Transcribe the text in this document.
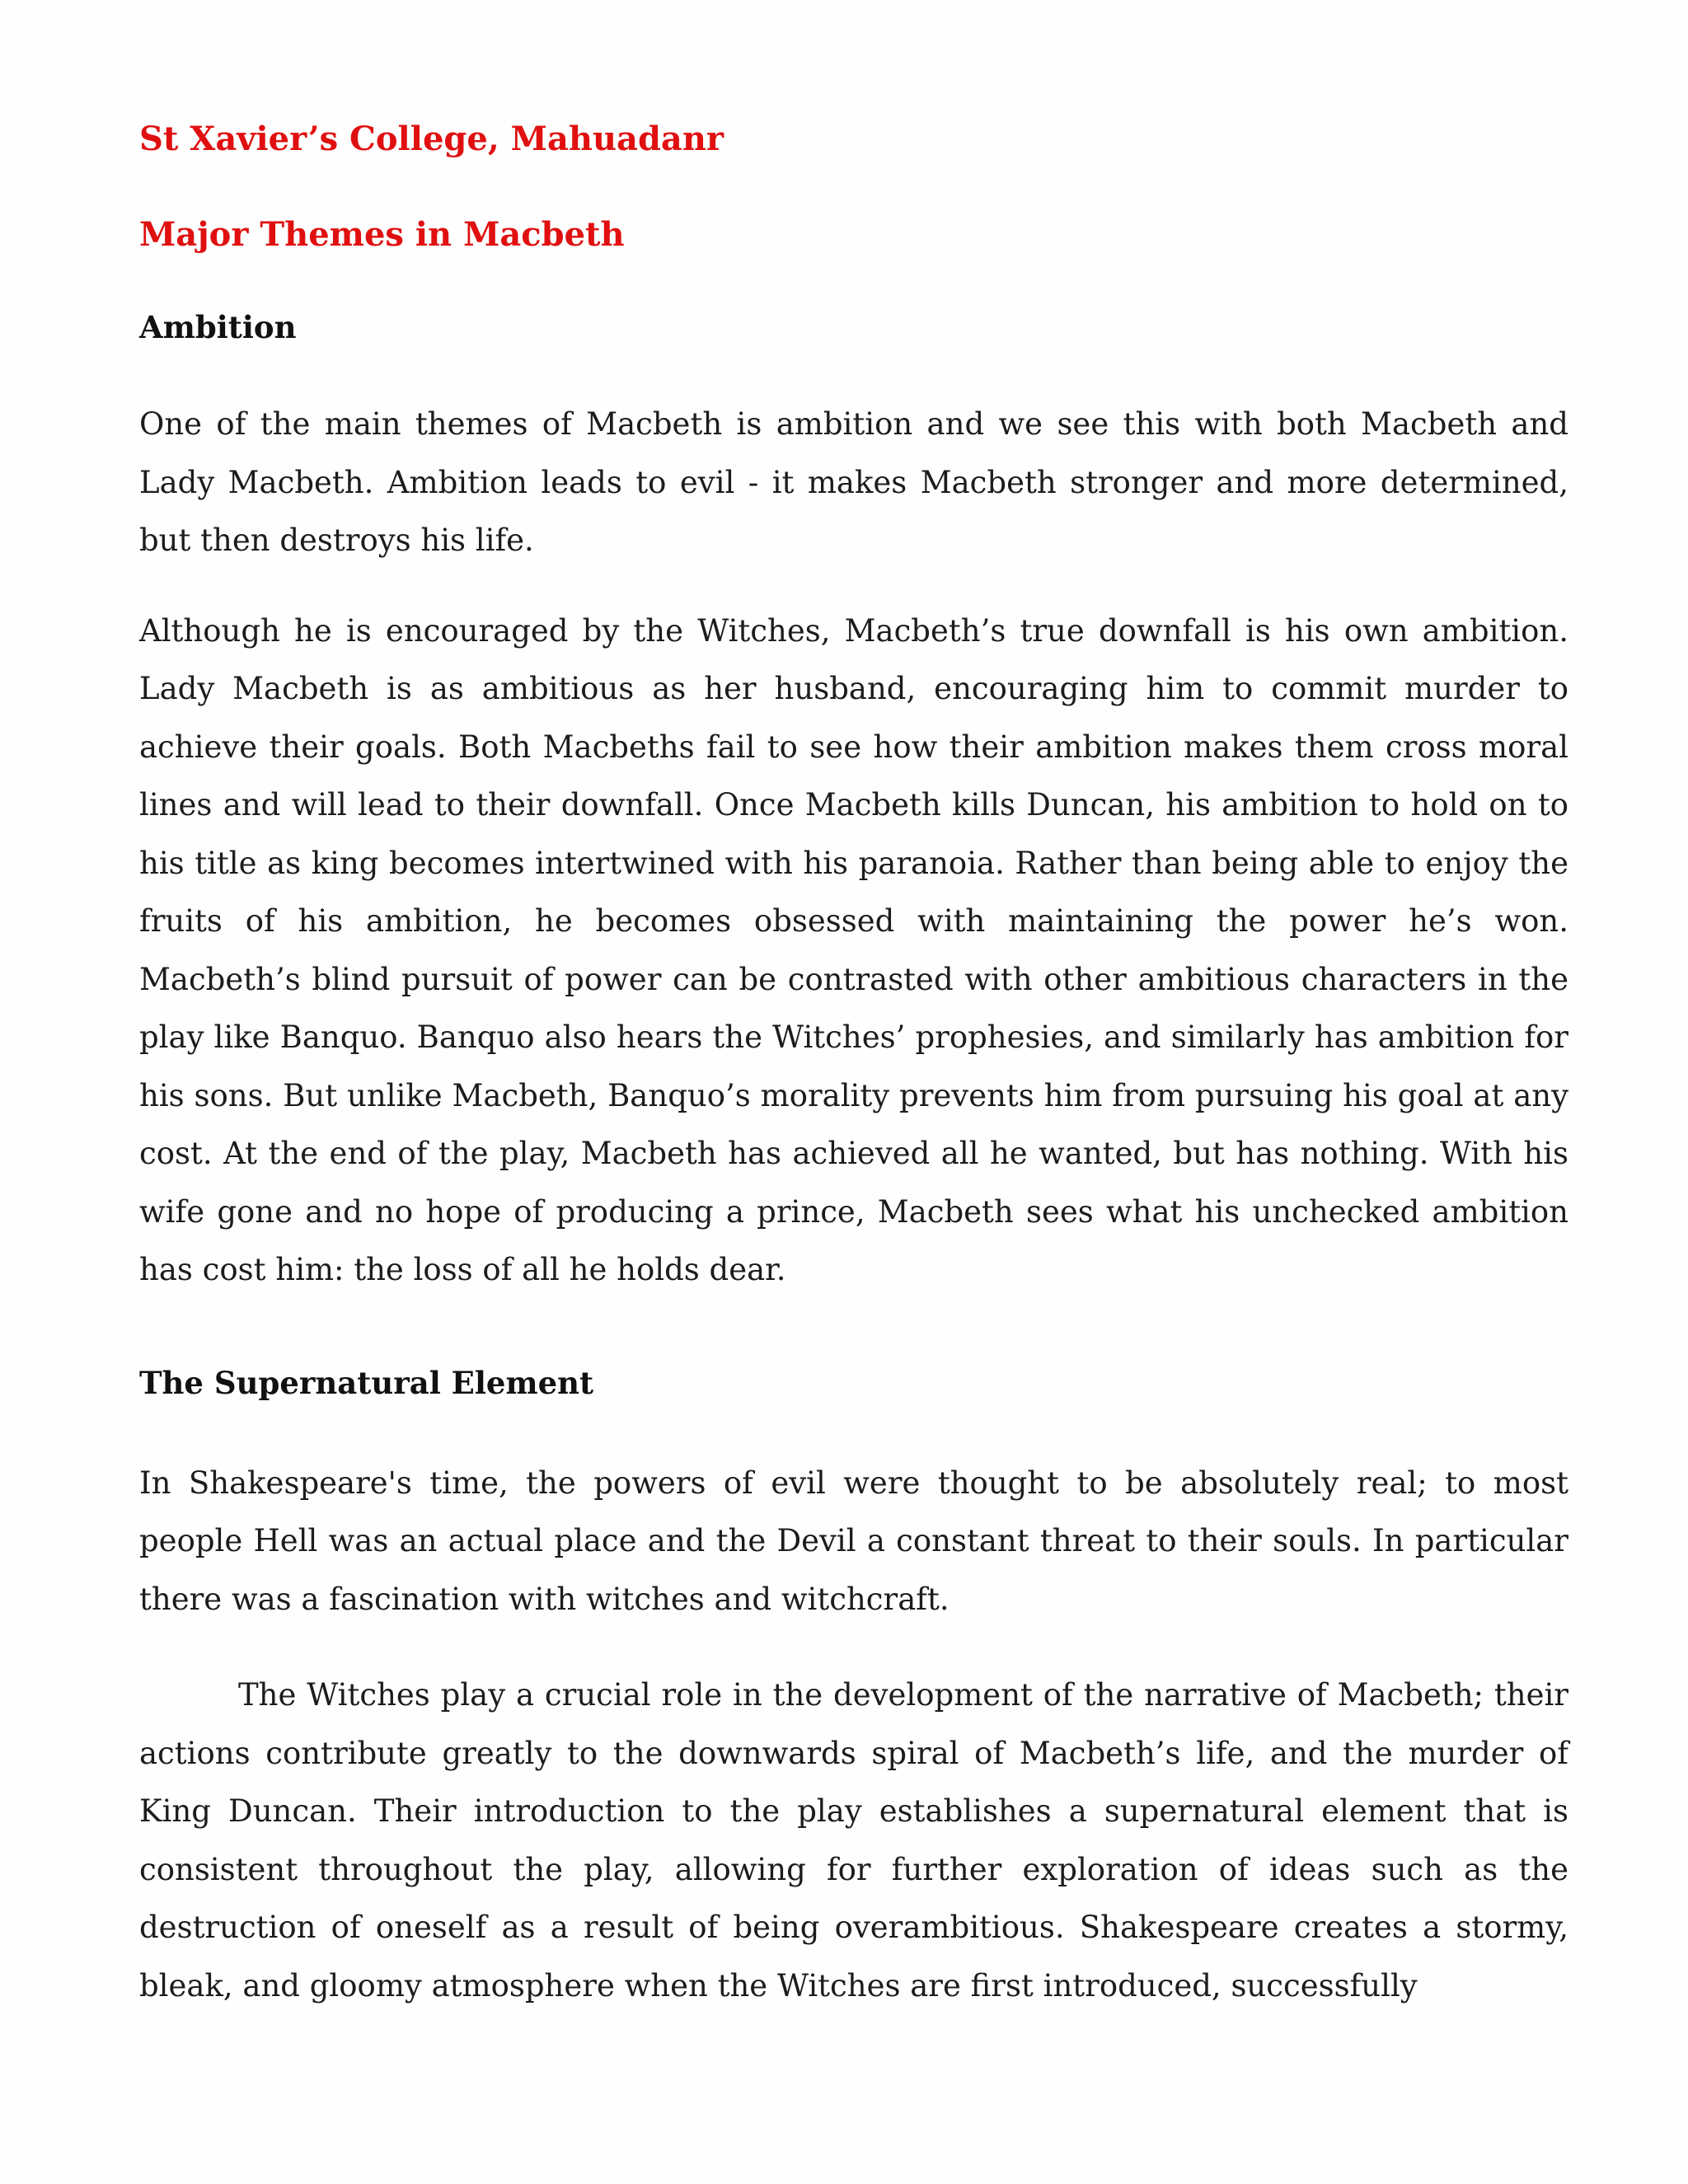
St Xavier’s College, Mahuadanr
Major Themes in Macbeth
Ambition

One of the main themes of Macbeth is ambition and we see this with both Macbeth and Lady Macbeth. Ambition leads to evil - it makes Macbeth stronger and more determined, but then destroys his life.

Although he is encouraged by the Witches, Macbeth’s true downfall is his own ambition. Lady Macbeth is as ambitious as her husband, encouraging him to commit murder to achieve their goals. Both Macbeths fail to see how their ambition makes them cross moral lines and will lead to their downfall. Once Macbeth kills Duncan, his ambition to hold on to his title as king becomes intertwined with his paranoia. Rather than being able to enjoy the fruits of his ambition, he becomes obsessed with maintaining the power he’s won. Macbeth’s blind pursuit of power can be contrasted with other ambitious characters in the play like Banquo. Banquo also hears the Witches’ prophesies, and similarly has ambition for his sons. But unlike Macbeth, Banquo’s morality prevents him from pursuing his goal at any cost. At the end of the play, Macbeth has achieved all he wanted, but has nothing. With his wife gone and no hope of producing a prince, Macbeth sees what his unchecked ambition has cost him: the loss of all he holds dear.

The Supernatural Element

In Shakespeare's time, the powers of evil were thought to be absolutely real; to most people Hell was an actual place and the Devil a constant threat to their souls. In particular there was a fascination with witches and witchcraft.

The Witches play a crucial role in the development of the narrative of Macbeth; their actions contribute greatly to the downwards spiral of Macbeth’s life, and the murder of King Duncan. Their introduction to the play establishes a supernatural element that is consistent throughout the play, allowing for further exploration of ideas such as the destruction of oneself as a result of being overambitious. Shakespeare creates a stormy, bleak, and gloomy atmosphere when the Witches are first introduced, successfully
